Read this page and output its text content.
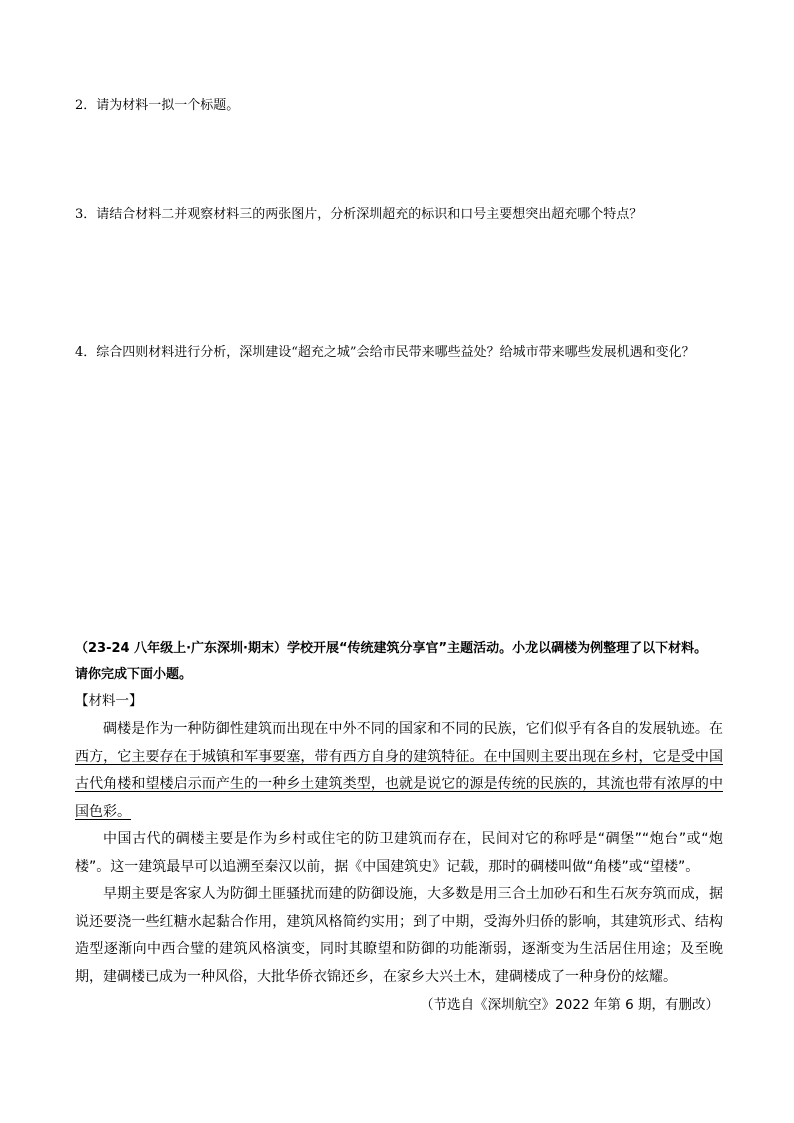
2．请为材料一拟一个标题。
3．请结合材料二并观察材料三的两张图片，分析深圳超充的标识和口号主要想突出超充哪个特点？
4．综合四则材料进行分析，深圳建设“超充之城”会给市民带来哪些益处？给城市带来哪些发展机遇和变化？
（23-24 八年级上·广东深圳·期末）学校开展“传统建筑分享官”主题活动。小龙以碉楼为例整理了以下材料。请你完成下面小题。
【材料一】

碉楼是作为一种防御性建筑而出现在中外不同的国家和不同的民族，它们似乎有各自的发展轨迹。在西方，它主要存在于城镇和军事要塞，带有西方自身的建筑特征。在中国则主要出现在乡村，它是受中国古代角楼和望楼启示而产生的一种乡土建筑类型，也就是说它的源是传统的民族的，其流也带有浓厚的中国色彩。

中国古代的碉楼主要是作为乡村或住宅的防卫建筑而存在，民间对它的称呼是“碉堡”“炮台”或“炮楼”。这一建筑最早可以追溯至秦汉以前，据《中国建筑史》记载，那时的碉楼叫做“角楼”或“望楼”。

早期主要是客家人为防御土匪骚扰而建的防御设施，大多数是用三合土加砂石和生石灰夯筑而成，据说还要浇一些红糖水起黏合作用，建筑风格简约实用；到了中期，受海外归侨的影响，其建筑形式、结构造型逐渐向中西合璧的建筑风格演变，同时其瞭望和防御的功能渐弱，逐渐变为生活居住用途；及至晚期，建碉楼已成为一种风俗，大批华侨衣锦还乡，在家乡大兴土木，建碉楼成了一种身份的炫耀。

（节选自《深圳航空》2022 年第 6 期，有删改）
